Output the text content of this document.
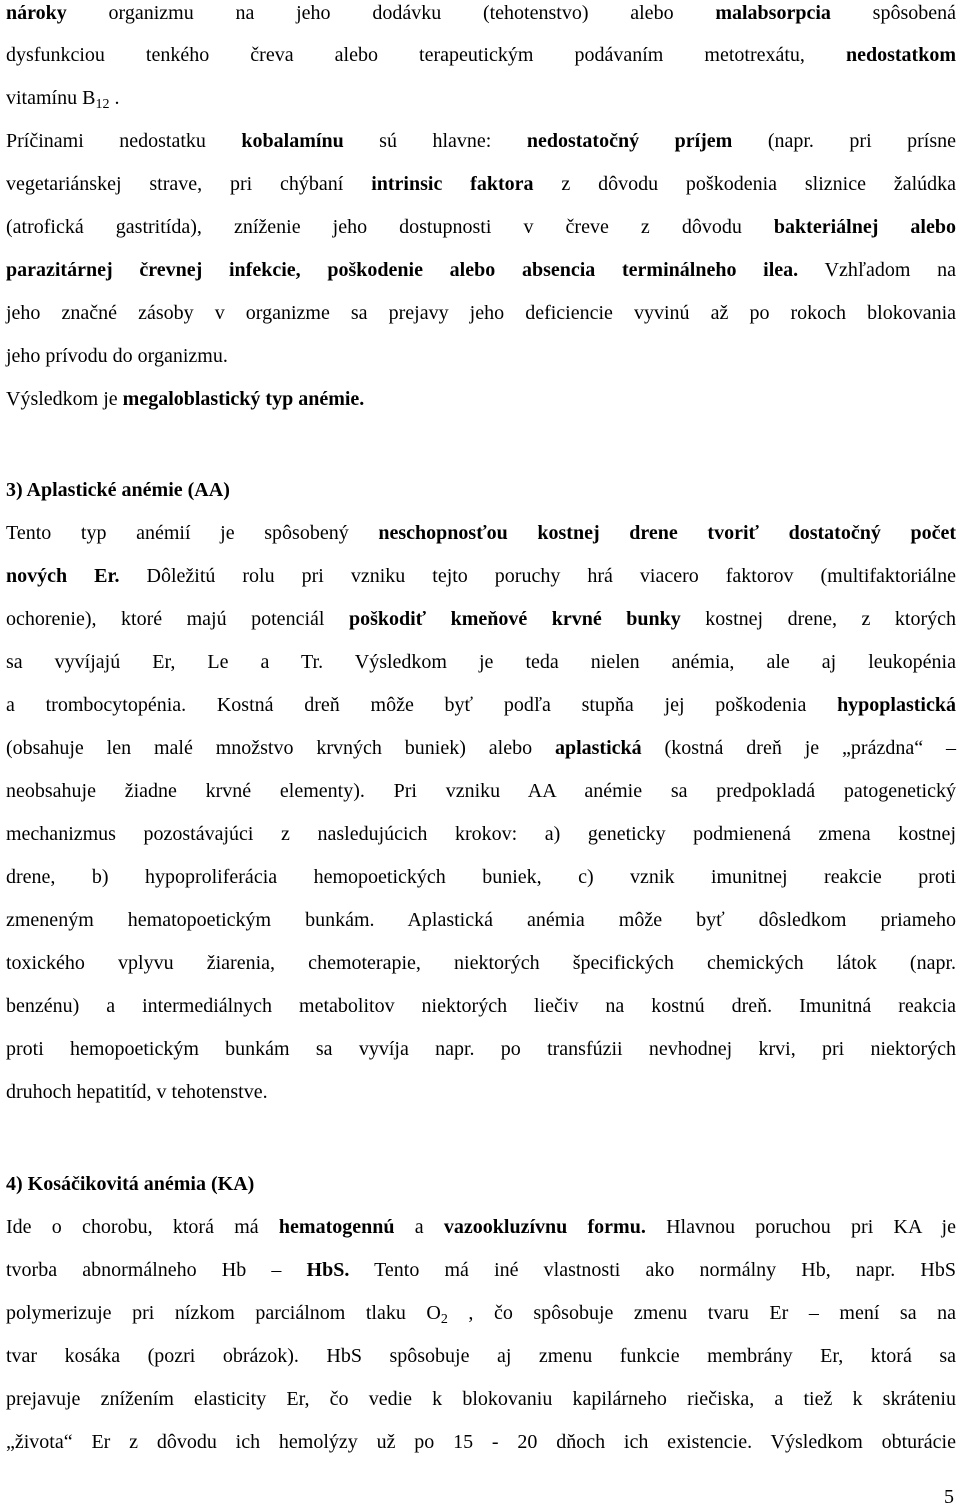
nároky organizmu na jeho dodávku (tehotenstvo) alebo malabsorpcia spôsobená
dysfunkciou tenkého čreva alebo terapeutickým podávaním metotrexátu, nedostatkom
vitamínu $B_{12}$ .
Príčinami nedostatku kobalamínu sú hlavne: nedostatočný príjem (napr. pri prísne
vegetariánskej strave, pri chýbaní intrinsic faktora z dôvodu poškodenia sliznice žalúdka
(atrofická gastritída), zníženie jeho dostupnosti v čreve z dôvodu bakteriálnej alebo
parazitárnej črevnej infekcie, poškodenie alebo absencia terminálneho ilea. Vzhľadom na
jeho značné zásoby v organizme sa prejavy jeho deficiencie vyvinú až po rokoch blokovania
jeho prívodu do organizmu.
Výsledkom je megaloblastický typ anémie.
3) Aplastické anémie (AA)
Tento typ anémií je spôsobený neschopnosťou kostnej drene tvoriť dostatočný počet
nových Er. Dôležitú rolu pri vzniku tejto poruchy hrá viacero faktorov (multifaktoriálne
ochorenie), ktoré majú potenciál poškodiť kmeňové krvné bunky kostnej drene, z ktorých
sa vyvíjajú Er, Le a Tr. Výsledkom je teda nielen anémia, ale aj leukopénia
a trombocytopénia. Kostná dreň môže byť podľa stupňa jej poškodenia hypoplastická
(obsahuje len malé množstvo krvných buniek) alebo aplastická (kostná dreň je „prázdna“ –
neobsahuje žiadne krvné elementy). Pri vzniku AA anémie sa predpokladá patogenetický
mechanizmus pozostávajúci z nasledujúcich krokov: a) geneticky podmienená zmena kostnej
drene, b) hypoproliferácia hemopoetických buniek, c) vznik imunitnej reakcie proti
zmeneným hematopoetickým bunkám. Aplastická anémia môže byť dôsledkom priameho
toxického vplyvu žiarenia, chemoterapie, niektorých špecifických chemických látok (napr.
benzénu) a intermediálnych metabolitov niektorých liečiv na kostnú dreň. Imunitná reakcia
proti hemopoetickým bunkám sa vyvíja napr. po transfúzii nevhodnej krvi, pri niektorých
druhoch hepatitíd, v tehotenstve.
4) Kosáčikovitá anémia (KA)
Ide o chorobu, ktorá má hematogennú a vazookluzívnu formu. Hlavnou poruchou pri KA je
tvorba abnormálneho Hb – HbS. Tento má iné vlastnosti ako normálny Hb, napr. HbS
polymerizuje pri nízkom parciálnom tlaku $O_2$ , čo spôsobuje zmenu tvaru Er – mení sa na
tvar kosáka (pozri obrázok). HbS spôsobuje aj zmenu funkcie membrány Er, ktorá sa
prejavuje znížením elasticity Er, čo vedie k blokovaniu kapilárneho riečiska, a tiež k skráteniu
„života“ Er z dôvodu ich hemolýzy už po 15 - 20 dňoch ich existencie. Výsledkom obturácie
5
